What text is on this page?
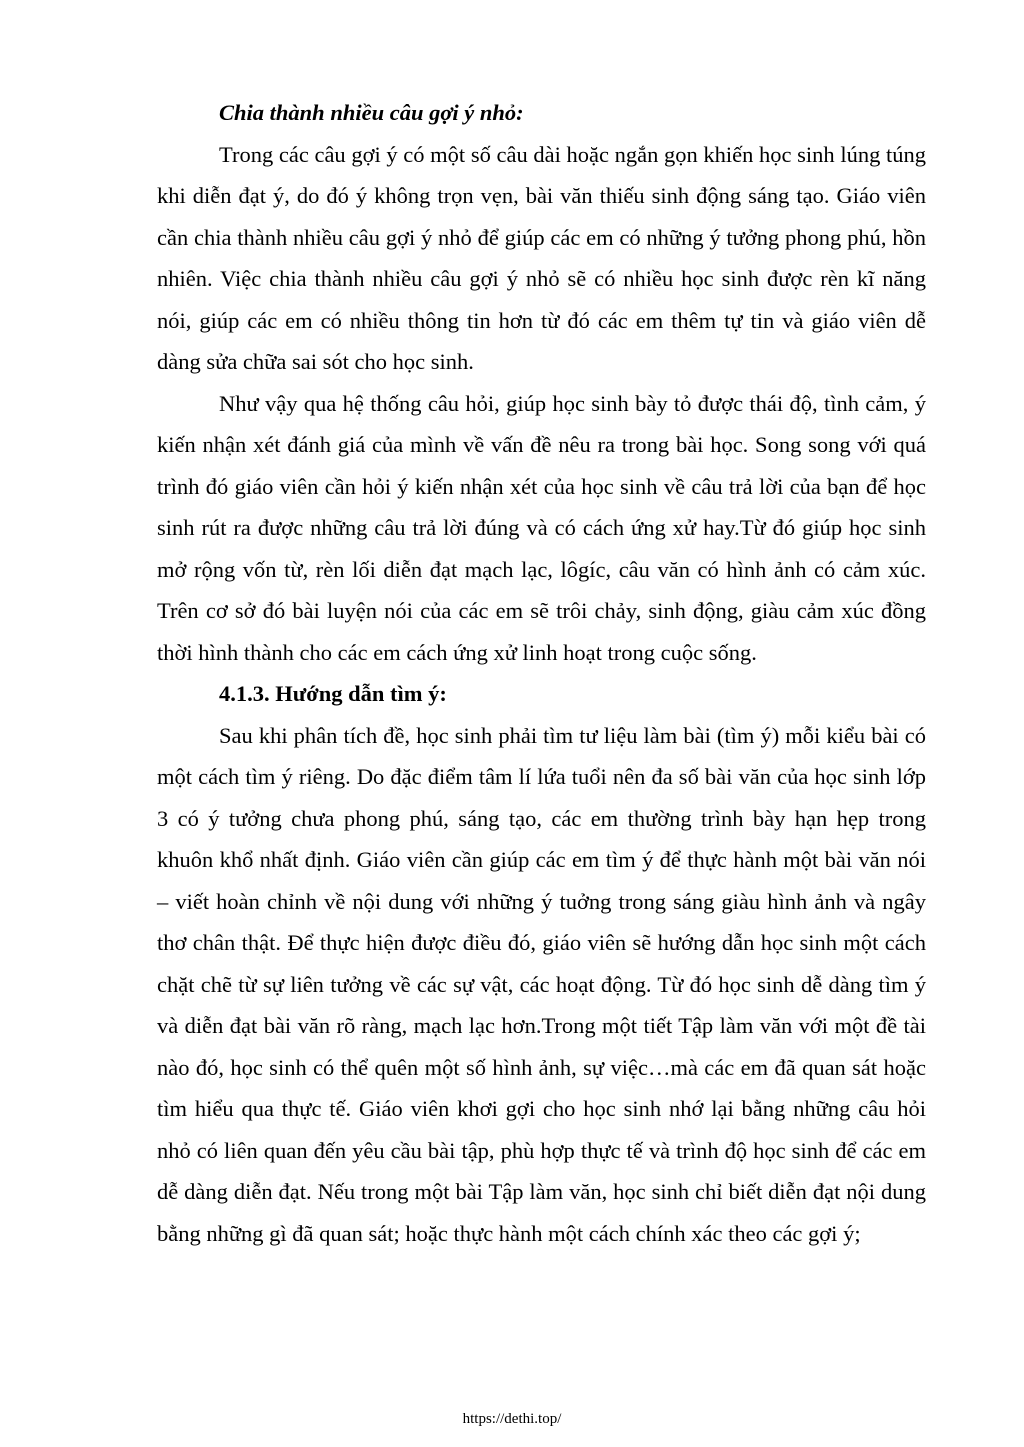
Chia thành nhiều câu gợi ý nhỏ:

Trong các câu gợi ý có một số câu dài hoặc ngắn gọn khiến học sinh lúng túng khi diễn đạt ý, do đó ý không trọn vẹn, bài văn thiếu sinh động sáng tạo. Giáo viên cần chia thành nhiều câu gợi ý nhỏ để giúp các em có những ý tưởng phong phú, hồn nhiên. Việc chia thành nhiều câu gợi ý nhỏ sẽ có nhiều học sinh được rèn kĩ năng nói, giúp các em có nhiều thông tin hơn từ đó các em thêm tự tin và giáo viên dễ dàng sửa chữa sai sót cho học sinh.

Như vậy qua hệ thống câu hỏi, giúp học sinh bày tỏ được thái độ, tình cảm, ý kiến nhận xét đánh giá của mình về vấn đề nêu ra trong bài học. Song song với quá trình đó giáo viên cần hỏi ý kiến nhận xét của học sinh về câu trả lời của bạn để học sinh rút ra được những câu trả lời đúng và có cách ứng xử hay.Từ đó giúp học sinh mở rộng vốn từ, rèn lối diễn đạt mạch lạc, lôgíc, câu văn có hình ảnh có cảm xúc. Trên cơ sở đó bài luyện nói của các em sẽ trôi chảy, sinh động, giàu cảm xúc đồng thời hình thành cho các em cách ứng xử linh hoạt trong cuộc sống.

4.1.3. Hướng dẫn tìm ý:

Sau khi phân tích đề, học sinh phải tìm tư liệu làm bài (tìm ý) mỗi kiểu bài có một cách tìm ý riêng. Do đặc điểm tâm lí lứa tuổi nên đa số bài văn của học sinh lớp 3 có ý tưởng chưa phong phú, sáng tạo, các em thường trình bày hạn hẹp trong khuôn khổ nhất định. Giáo viên cần giúp các em tìm ý để thực hành một bài văn nói – viết hoàn chỉnh về nội dung với những ý tuởng trong sáng giàu hình ảnh và ngây thơ chân thật. Để thực hiện được điều đó, giáo viên sẽ hướng dẫn học sinh một cách chặt chẽ từ sự liên tưởng về các sự vật, các hoạt động. Từ đó học sinh dễ dàng tìm ý và diễn đạt bài văn rõ ràng, mạch lạc hơn.Trong một tiết Tập làm văn với một đề tài nào đó, học sinh có thể quên một số hình ảnh, sự việc…mà các em đã quan sát hoặc tìm hiểu qua thực tế. Giáo viên khơi gợi cho học sinh nhớ lại bằng những câu hỏi nhỏ có liên quan đến yêu cầu bài tập, phù hợp thực tế và trình độ học sinh để các em dễ dàng diễn đạt. Nếu trong một bài Tập làm văn, học sinh chỉ biết diễn đạt nội dung bằng những gì đã quan sát; hoặc thực hành một cách chính xác theo các gợi ý;

https://dethi.top/
